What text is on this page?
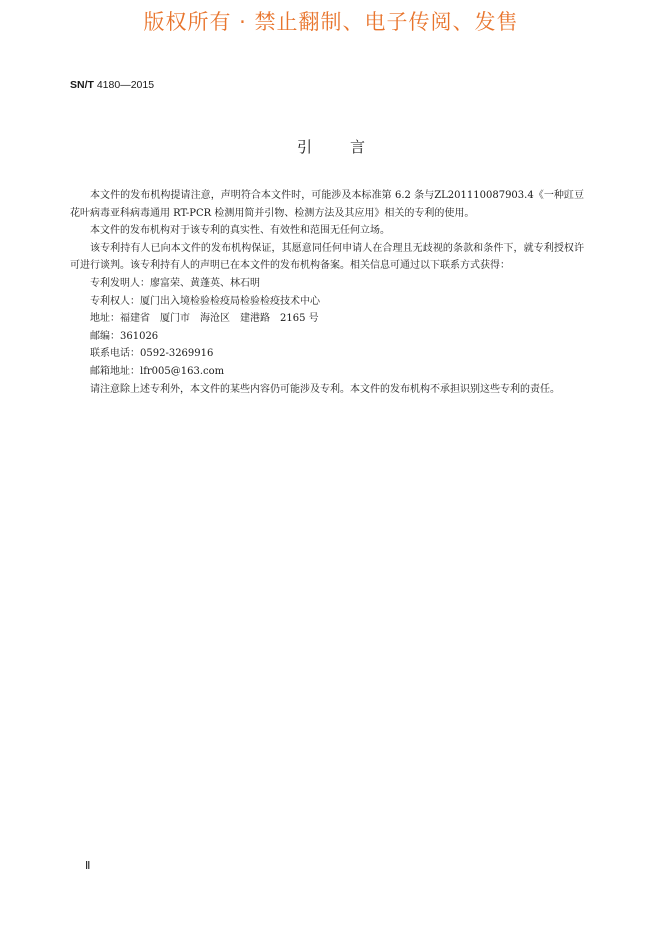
版权所有 · 禁止翻制、电子传阅、发售
SN/T 4180—2015
引言

本文件的发布机构提请注意，声明符合本文件时，可能涉及本标准第 6.2 条与ZL201110087903.4《一种豇豆花叶病毒亚科病毒通用 RT-PCR 检测用简并引物、检测方法及其应用》相关的专利的使用。

本文件的发布机构对于该专利的真实性、有效性和范围无任何立场。

该专利持有人已向本文件的发布机构保证，其愿意同任何申请人在合理且无歧视的条款和条件下，就专利授权许可进行谈判。该专利持有人的声明已在本文件的发布机构备案。相关信息可通过以下联系方式获得：

专利发明人：廖富荣、黄蓬英、林石明

专利权人：厦门出入境检验检疫局检验检疫技术中心

地址：福建省　厦门市　海沧区　建港路　2165 号

邮编：361026

联系电话：0592-3269916

邮箱地址：lfr005@163.com

请注意除上述专利外，本文件的某些内容仍可能涉及专利。本文件的发布机构不承担识别这些专利的责任。

Ⅱ
